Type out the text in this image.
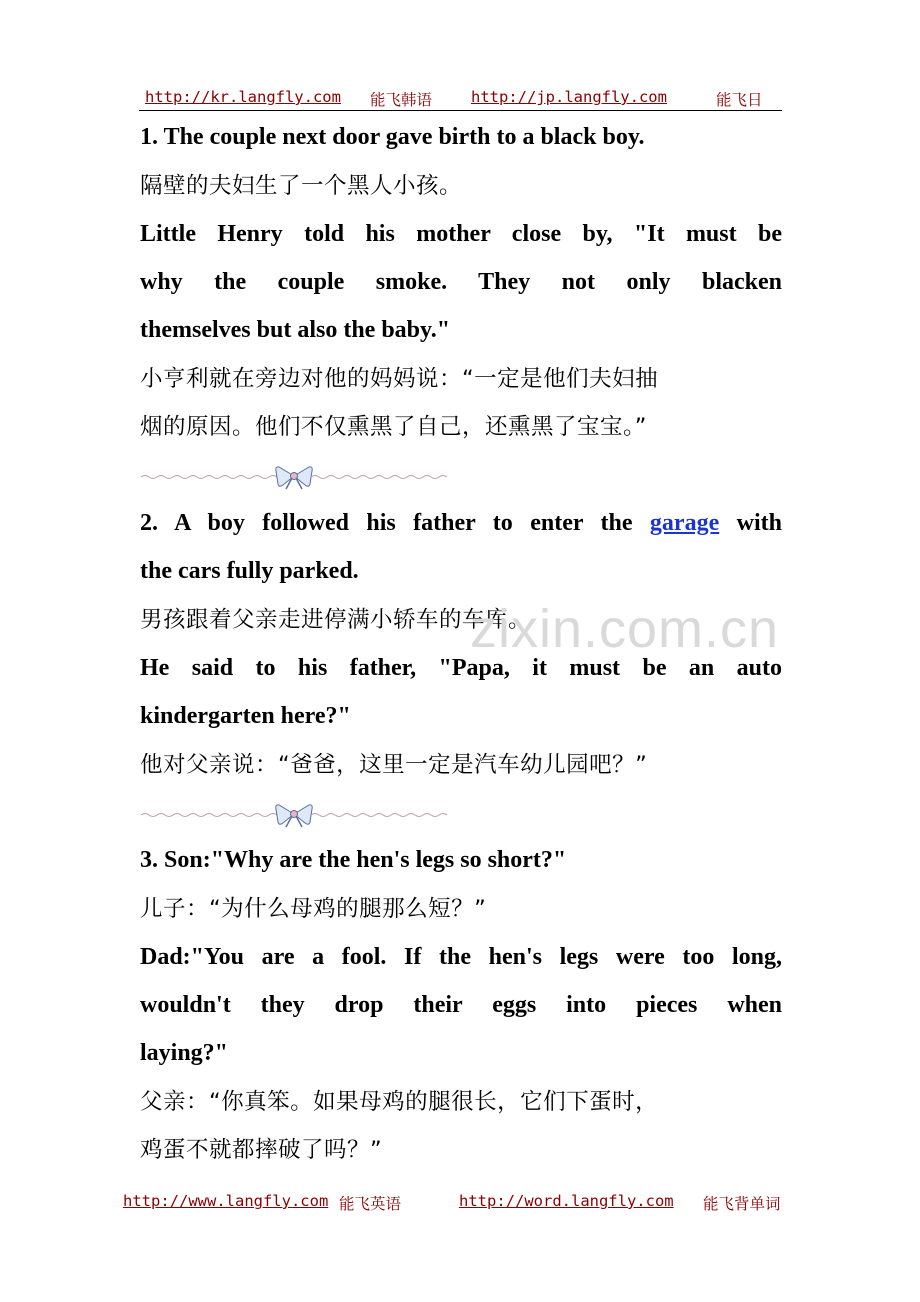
http://kr.langfly.com 能飞韩语	http://jp.langfly.com	能飞日
1. The couple next door gave birth to a black boy.
隔壁的夫妇生了一个黑人小孩。
Little Henry told his mother close by, "It must be
why the couple smoke. They not only blacken
themselves but also the baby."
小亨利就在旁边对他的妈妈说：“一定是他们夫妇抽
烟的原因。他们不仅熏黑了自己，还熏黑了宝宝。”
2. A boy followed his father to enter the garage with
the cars fully parked.
男孩跟着父亲走进停满小轿车的车库。
zixin.com.cn
He said to his father, "Papa, it must be an auto
kindergarten here?"
他对父亲说：“爸爸，这里一定是汽车幼儿园吧？”
3. Son:"Why are the hen's legs so short?"
儿子：“为什么母鸡的腿那么短？”
Dad:"You are a fool. If the hen's legs were too long,
wouldn't they drop their eggs into pieces when
laying?"
父亲：“你真笨。如果母鸡的腿很长，它们下蛋时，
鸡蛋不就都摔破了吗？”
http://www.langfly.com 能飞英语	http://word.langfly.com 能飞背单词
